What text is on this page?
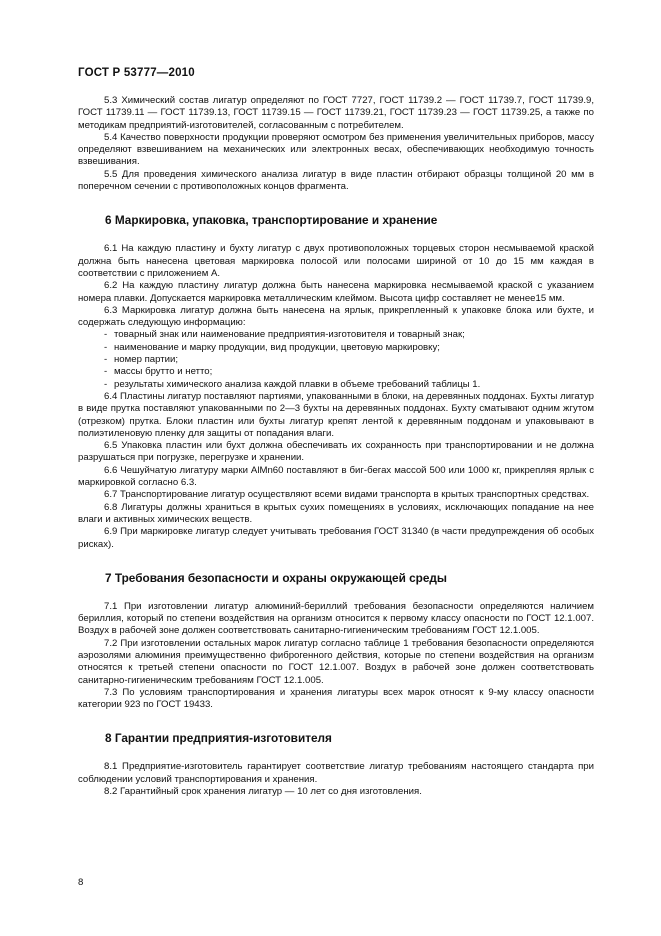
ГОСТ Р 53777—2010

5.3 Химический состав лигатур определяют по ГОСТ 7727, ГОСТ 11739.2 — ГОСТ 11739.7, ГОСТ 11739.9, ГОСТ 11739.11 — ГОСТ 11739.13, ГОСТ 11739.15 — ГОСТ 11739.21, ГОСТ 11739.23 — ГОСТ 11739.25, а также по методикам предприятий-изготовителей, согласованным с потребителем.

5.4 Качество поверхности продукции проверяют осмотром без применения увеличительных приборов, массу определяют взвешиванием на механических или электронных весах, обеспечивающих необходимую точность взвешивания.

5.5 Для проведения химического анализа лигатур в виде пластин отбирают образцы толщиной 20 мм в поперечном сечении с противоположных концов фрагмента.

6 Маркировка, упаковка, транспортирование и хранение

6.1 На каждую пластину и бухту лигатур с двух противоположных торцевых сторон несмываемой краской должна быть нанесена цветовая маркировка полосой или полосами шириной от 10 до 15 мм каждая в соответствии с приложением А.

6.2 На каждую пластину лигатур должна быть нанесена маркировка несмываемой краской с указанием номера плавки. Допускается маркировка металлическим клеймом. Высота цифр составляет не менее15 мм.

6.3 Маркировка лигатур должна быть нанесена на ярлык, прикрепленный к упаковке блока или бухте, и содержать следующую информацию:

- товарный знак или наименование предприятия-изготовителя и товарный знак;
- наименование и марку продукции, вид продукции, цветовую маркировку;
- номер партии;
- массы брутто и нетто;
- результаты химического анализа каждой плавки в объеме требований таблицы 1.

6.4 Пластины лигатур поставляют партиями, упакованными в блоки, на деревянных поддонах. Бухты лигатур в виде прутка поставляют упакованными по 2—3 бухты на деревянных поддонах. Бухту сматывают одним жгутом (отрезком) прутка. Блоки пластин или бухты лигатур крепят лентой к деревянным поддонам и упаковывают в полиэтиленовую пленку для защиты от попадания влаги.

6.5 Упаковка пластин или бухт должна обеспечивать их сохранность при транспортировании и не должна разрушаться при погрузке, перегрузке и хранении.

6.6 Чешуйчатую лигатуру марки AlMn60 поставляют в биг-бегах массой 500 или 1000 кг, прикрепляя ярлык с маркировкой согласно 6.3.

6.7 Транспортирование лигатур осуществляют всеми видами транспорта в крытых транспортных средствах.

6.8 Лигатуры должны храниться в крытых сухих помещениях в условиях, исключающих попадание на нее влаги и активных химических веществ.

6.9 При маркировке лигатур следует учитывать требования ГОСТ 31340 (в части предупреждения об особых рисках).

7 Требования безопасности и охраны окружающей среды

7.1 При изготовлении лигатур алюминий-бериллий требования безопасности определяются наличием бериллия, который по степени воздействия на организм относится к первому классу опасности по ГОСТ 12.1.007. Воздух в рабочей зоне должен соответствовать санитарно-гигиеническим требованиям ГОСТ 12.1.005.

7.2 При изготовлении остальных марок лигатур согласно таблице 1 требования безопасности определяются аэрозолями алюминия преимущественно фиброгенного действия, которые по степени воздействия на организм относятся к третьей степени опасности по ГОСТ 12.1.007. Воздух в рабочей зоне должен соответствовать санитарно-гигиеническим требованиям ГОСТ 12.1.005.

7.3 По условиям транспортирования и хранения лигатуры всех марок относят к 9-му классу опасности категории 923 по ГОСТ 19433.

8 Гарантии предприятия-изготовителя

8.1 Предприятие-изготовитель гарантирует соответствие лигатур требованиям настоящего стандарта при соблюдении условий транспортирования и хранения.

8.2 Гарантийный срок хранения лигатур — 10 лет со дня изготовления.

8
